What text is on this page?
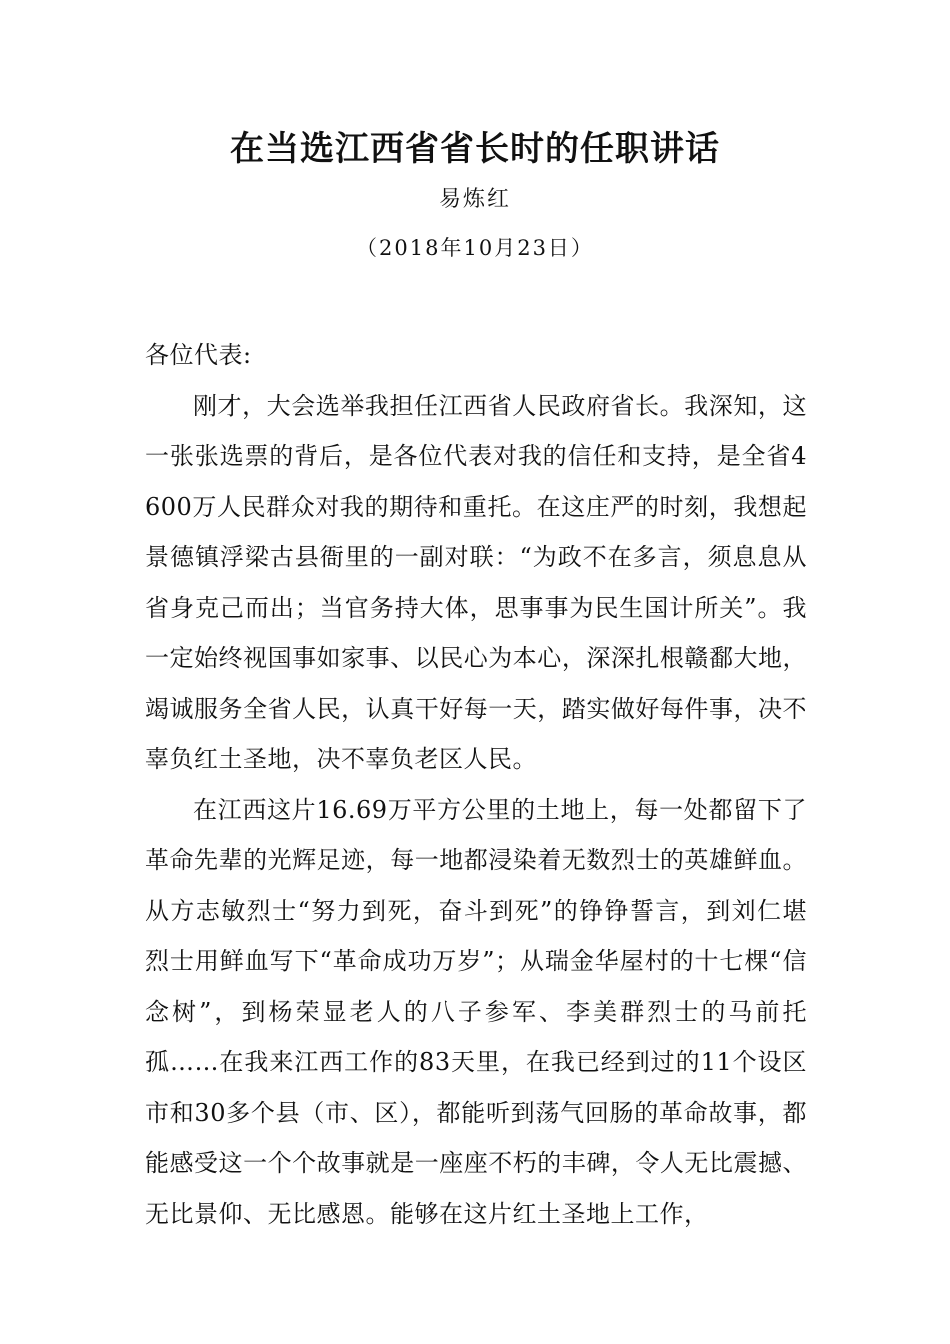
在当选江西省省长时的任职讲话
易炼红
（2018年10月23日）

各位代表:

刚才，大会选举我担任江西省人民政府省长。我深知，这一张张选票的背后，是各位代表对我的信任和支持，是全省4600万人民群众对我的期待和重托。在这庄严的时刻，我想起景德镇浮梁古县衙里的一副对联：“为政不在多言，须息息从省身克己而出；当官务持大体，思事事为民生国计所关”。我一定始终视国事如家事、以民心为本心，深深扎根赣鄱大地，竭诚服务全省人民，认真干好每一天，踏实做好每件事，决不辜负红土圣地，决不辜负老区人民。

在江西这片16.69万平方公里的土地上，每一处都留下了革命先辈的光辉足迹，每一地都浸染着无数烈士的英雄鲜血。从方志敏烈士“努力到死，奋斗到死”的铮铮誓言，到刘仁堪烈士用鲜血写下“革命成功万岁”；从瑞金华屋村的十七棵“信念树”，到杨荣显老人的八子参军、李美群烈士的马前托孤……在我来江西工作的83天里，在我已经到过的11个设区市和30多个县（市、区），都能听到荡气回肠的革命故事，都能感受这一个个故事就是一座座不朽的丰碑，令人无比震撼、无比景仰、无比感恩。能够在这片红土圣地上工作，
